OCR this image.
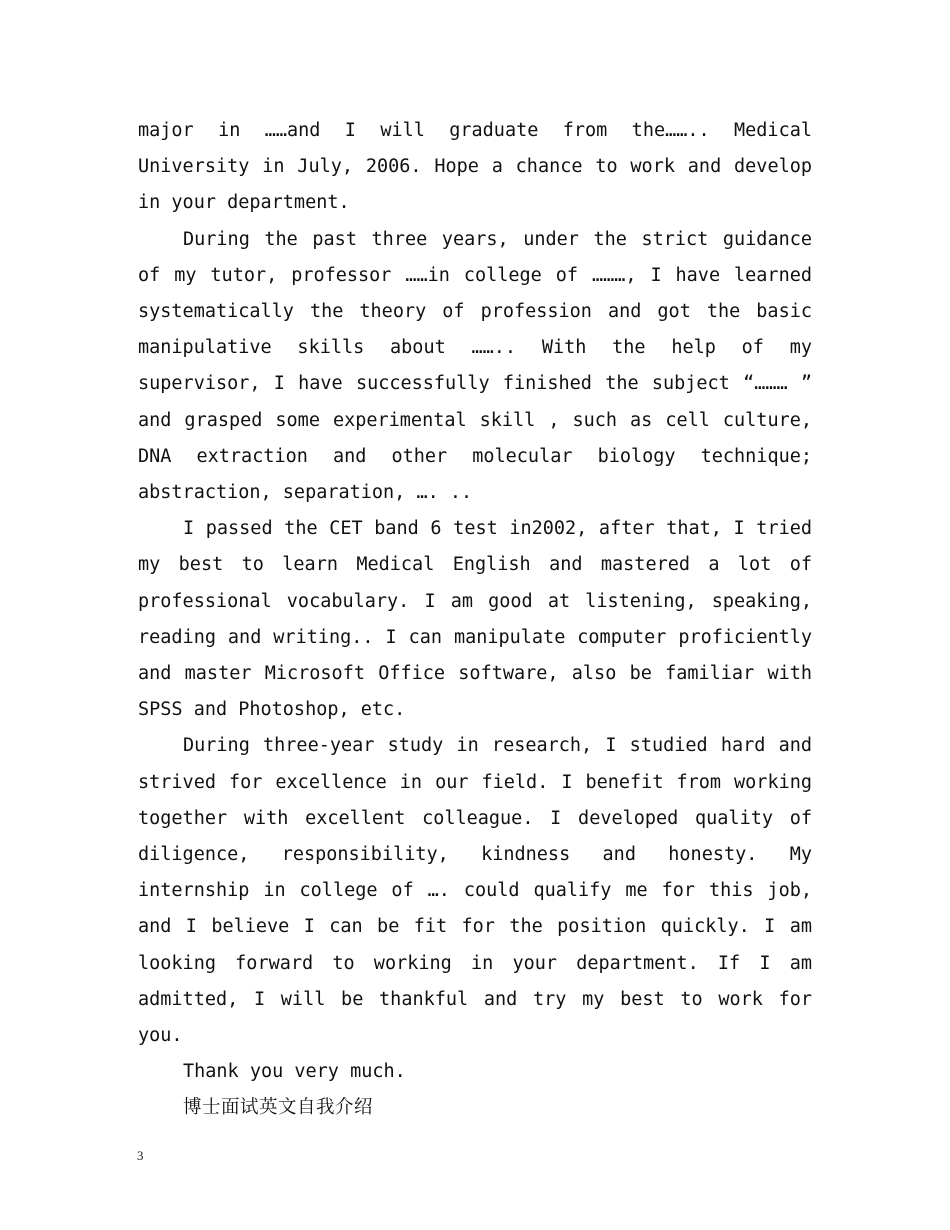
major in ……and I will graduate from the…….. Medical University in July, 2006. Hope a chance to work and develop in your department.

During the past three years, under the strict guidance of my tutor, professor ……in college of ………, I have learned systematically the theory of profession and got the basic manipulative skills about …….. With the help of my supervisor, I have successfully finished the subject “……… ” and grasped some experimental skill , such as cell culture, DNA extraction and other molecular biology technique; abstraction, separation, …. ..

I passed the CET band 6 test in2002, after that, I tried my best to learn Medical English and mastered a lot of professional vocabulary. I am good at listening, speaking, reading and writing.. I can manipulate computer proficiently and master Microsoft Office software, also be familiar with SPSS and Photoshop, etc.

During three-year study in research, I studied hard and strived for excellence in our field. I benefit from working together with excellent colleague. I developed quality of diligence, responsibility, kindness and honesty. My internship in college of …. could qualify me for this job, and I believe I can be fit for the position quickly. I am looking forward to working in your department. If I am admitted, I will be thankful and try my best to work for you.

Thank you very much.

博士面试英文自我介绍

3
